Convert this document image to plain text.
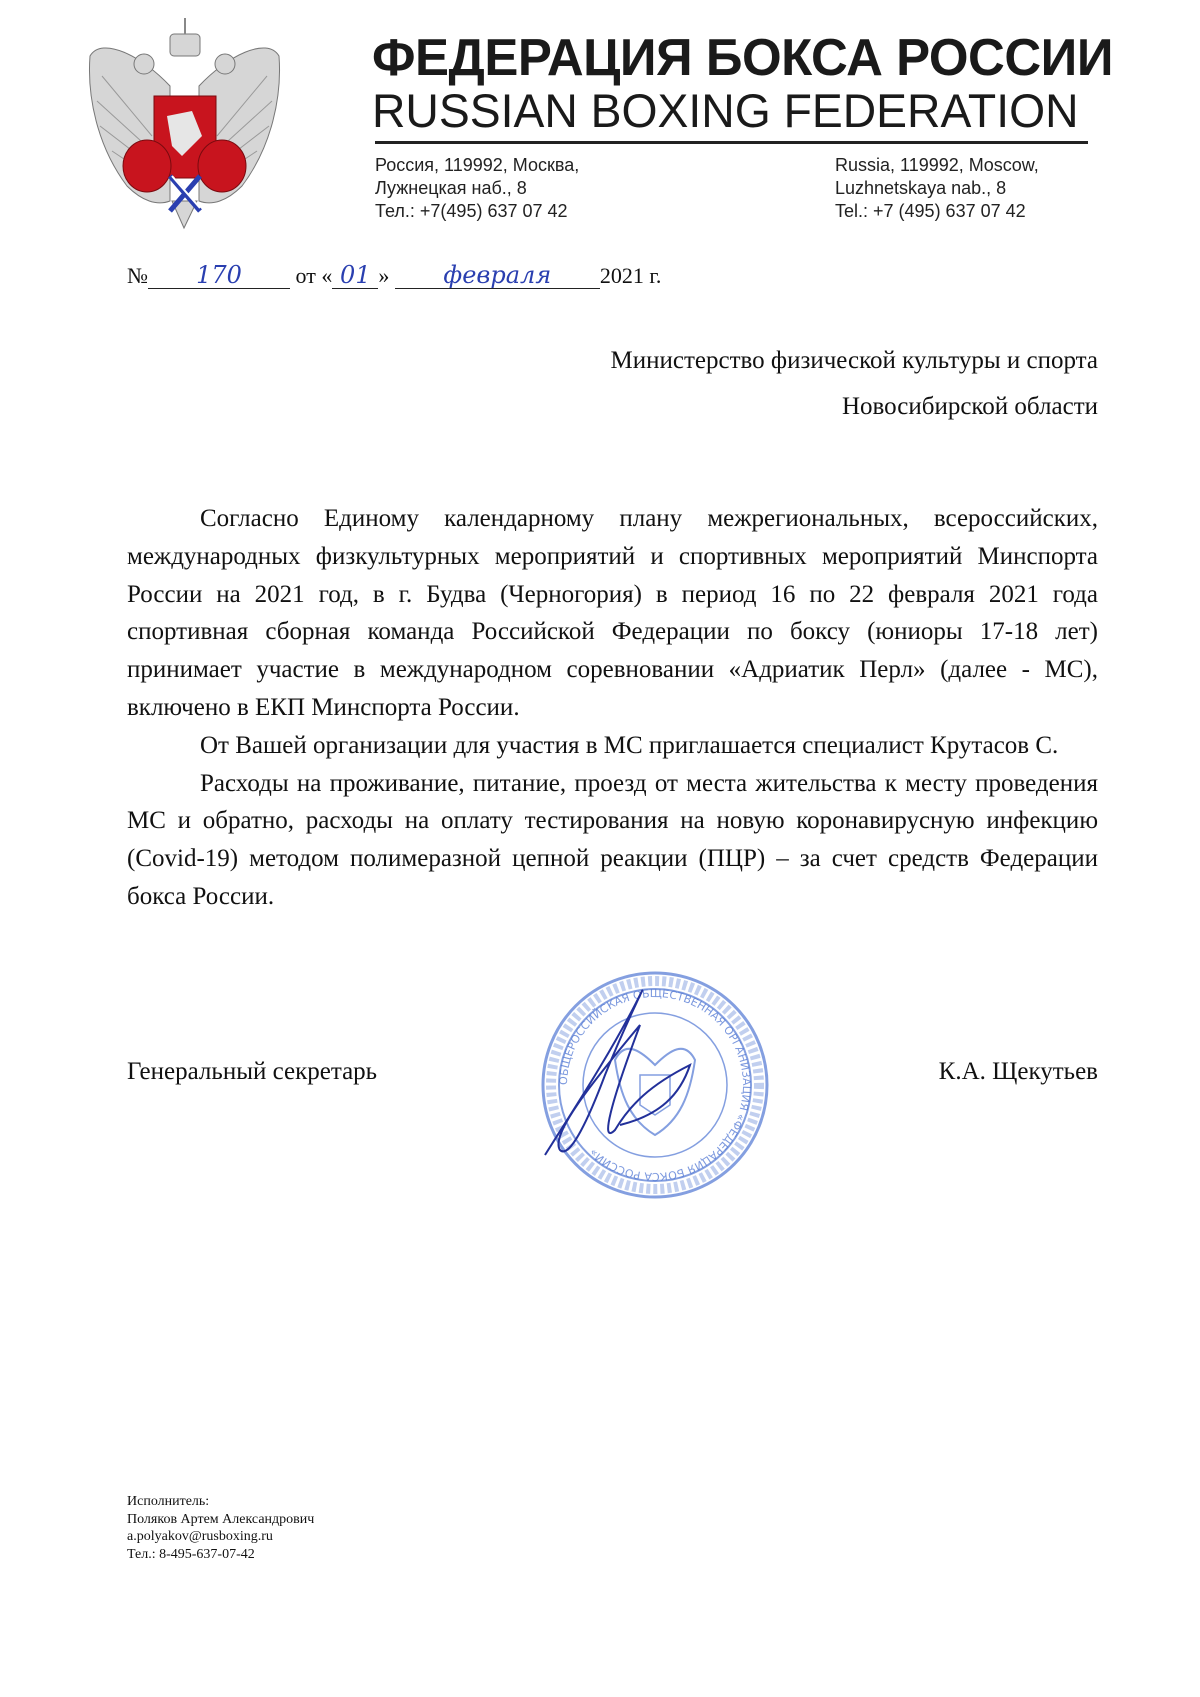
ФЕДЕРАЦИЯ БОКСА РОССИИ
RUSSIAN BOXING FEDERATION
Россия, 119992, Москва,
Лужнецкая наб., 8
Тел.: +7(495) 637 07 42
Russia, 119992, Moscow,
Luzhnetskaya nab., 8
Tel.: +7 (495) 637 07 42
№ 170 от « 01 » февраля 2021 г.
Министерство физической культуры и спорта
Новосибирской области

Согласно Единому календарному плану межрегиональных, всероссийских, международных физкультурных мероприятий и спортивных мероприятий Минспорта России на 2021 год, в г. Будва (Черногория) в период 16 по 22 февраля 2021 года спортивная сборная команда Российской Федерации по боксу (юниоры 17-18 лет) принимает участие в международном соревновании «Адриатик Перл» (далее - МС), включено в ЕКП Минспорта России.

От Вашей организации для участия в МС приглашается специалист Крутасов С.

Расходы на проживание, питание, проезд от места жительства к месту проведения МС и обратно, расходы на оплату тестирования на новую коронавирусную инфекцию (Covid-19) методом полимеразной цепной реакции (ПЦР) – за счет средств Федерации бокса России.

Генеральный секретарь	К.А. Щекутьев
ОБЩЕРОССИЙСКАЯ ОБЩЕСТВЕННАЯ ОРГАНИЗАЦИЯ «ФЕДЕРАЦИЯ БОКСА РОССИИ»
Исполнитель:
Поляков Артем Александрович
a.polyakov@rusboxing.ru
Тел.: 8-495-637-07-42
